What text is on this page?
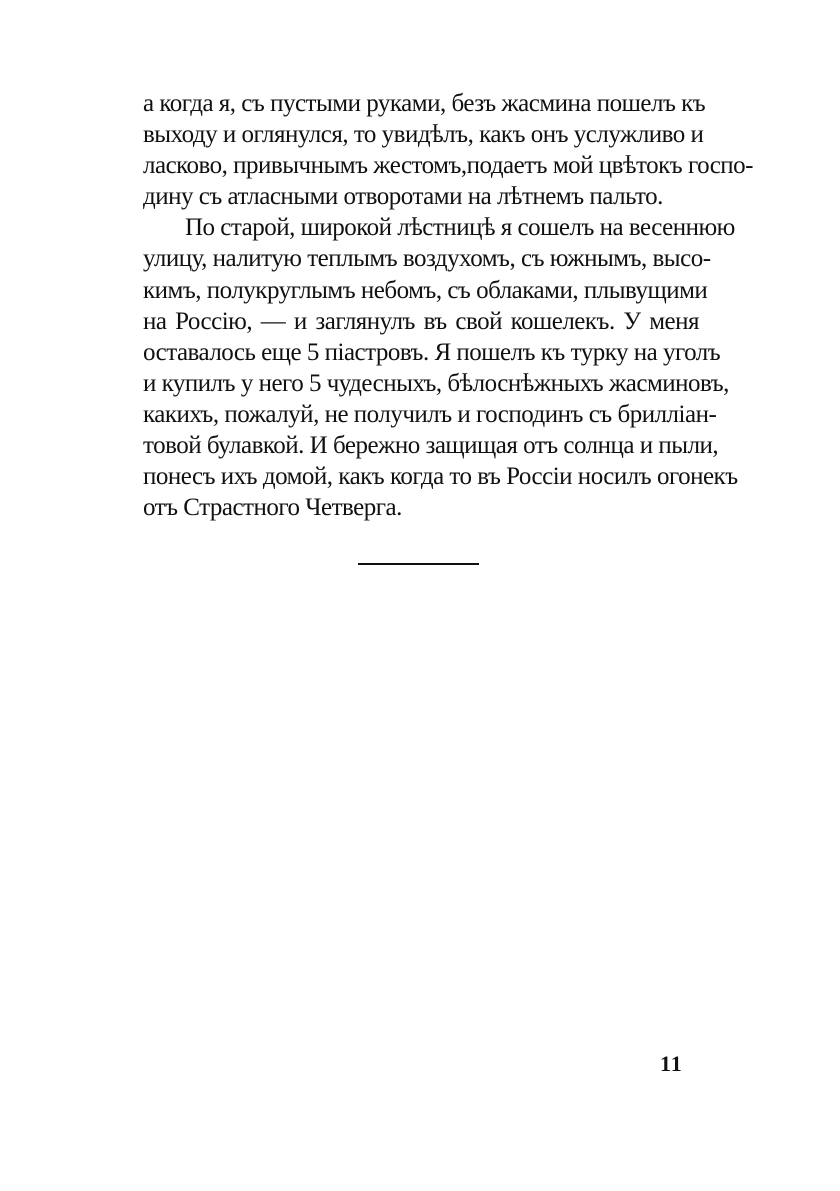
а когда я, съ пустыми руками, безъ жасмина пошелъ къ
выходу и оглянулся, то увидѣлъ, какъ онъ услужливо и
ласково, привычнымъ жестомъ,подаетъ мой цвѣтокъ госпо-
дину съ атласными отворотами на лѣтнемъ пальто.
По старой, широкой лѣстницѣ я сошелъ на весеннюю
улицу, налитую теплымъ воздухомъ, съ южнымъ, высо-
кимъ, полукруглымъ небомъ, съ облаками, плывущими
на Россію, — и заглянулъ въ свой кошелекъ. У меня
оставалось еще 5 піастровъ. Я пошелъ къ турку на уголъ
и купилъ у него 5 чудесныхъ, бѣлоснѣжныхъ жасминовъ,
какихъ, пожалуй, не получилъ и господинъ съ брилліан-
товой булавкой. И бережно защищая отъ солнца и пыли,
понесъ ихъ домой, какъ когда то въ Россіи носилъ огонекъ
отъ Страстного Четверга.
11
